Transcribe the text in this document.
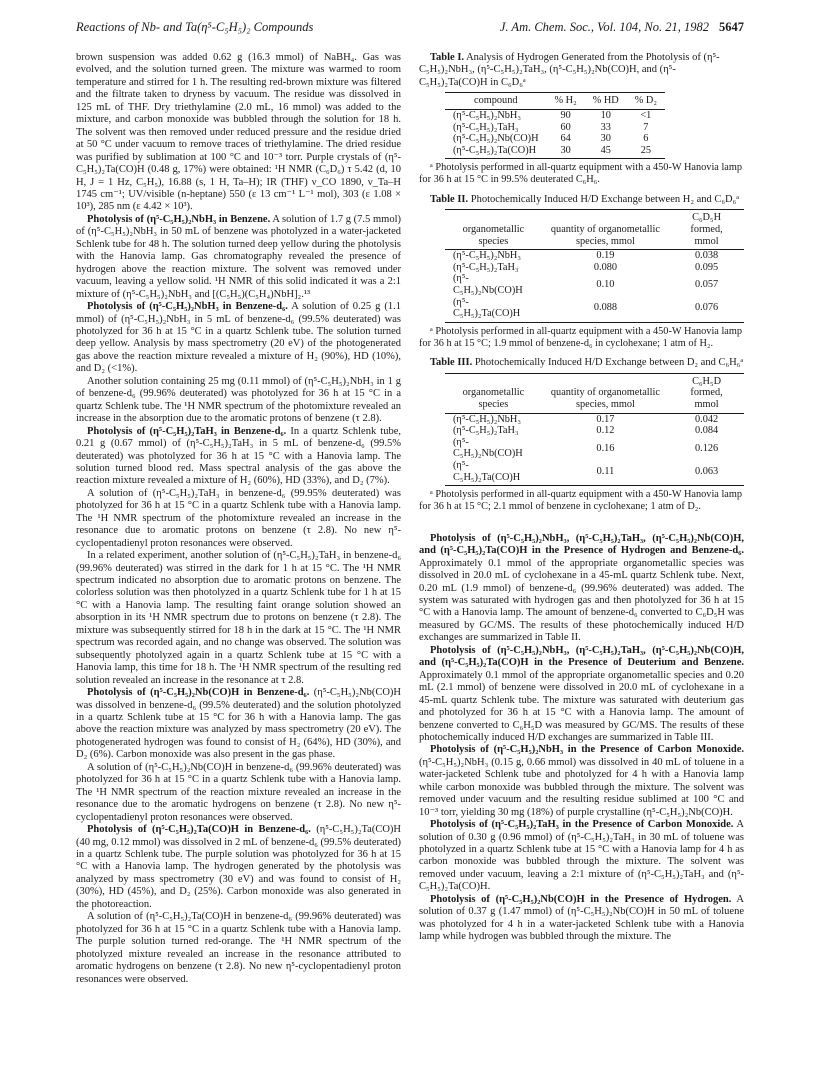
Reactions of Nb- and Ta(η⁵-C₅H₅)₂ Compounds	J. Am. Chem. Soc., Vol. 104, No. 21, 1982 5647

brown suspension was added 0.62 g (16.3 mmol) of NaBH₄. Gas was evolved, and the solution turned green. The mixture was warmed to room temperature and stirred for 1 h. The resulting red-brown mixture was filtered and the filtrate taken to dryness by vacuum. The residue was dissolved in 125 mL of THF. Dry triethylamine (2.0 mL, 16 mmol) was added to the mixture, and carbon monoxide was bubbled through the solution for 18 h. The solvent was then removed under reduced pressure and the residue dried at 50 °C under vacuum to remove traces of triethylamine. The dried residue was purified by sublimation at 100 °C and 10⁻³ torr. Purple crystals of (η⁵-C₅H₅)₂Ta(CO)H (0.48 g, 17%) were obtained: ¹H NMR (C₆D₆) τ 5.42 (d, 10 H, J = 1 Hz, C₅H₅), 16.88 (s, 1 H, Ta–H); IR (THF) ν_CO 1890, ν_Ta–H 1745 cm⁻¹; UV/visible (n-heptane) 550 (ε 13 cm⁻¹ L⁻¹ mol), 303 (ε 1.08 × 10³), 285 nm (ε 4.42 × 10³).

Photolysis of (η⁵-C₅H₅)₂NbH₃ in Benzene. A solution of 1.7 g (7.5 mmol) of (η⁵-C₅H₅)₂NbH₃ in 50 mL of benzene was photolyzed in a water-jacketed Schlenk tube for 48 h. The solution turned deep yellow during the photolysis with the Hanovia lamp. Gas chromatography revealed the presence of hydrogen above the reaction mixture. The solvent was removed under vacuum, leaving a yellow solid. ¹H NMR of this solid indicated it was a 2:1 mixture of (η⁵-C₅H₅)₂NbH₃ and [(C₅H₅)(C₅H₄)NbH]₂.¹³

Photolysis of (η⁵-C₅H₅)₂NbH₃ in Benzene-d₆. A solution of 0.25 g (1.1 mmol) of (η⁵-C₅H₅)₂NbH₃ in 5 mL of benzene-d₆ (99.5% deuterated) was photolyzed for 36 h at 15 °C in a quartz Schlenk tube. The solution turned deep yellow. Analysis by mass spectrometry (20 eV) of the photogenerated gas above the reaction mixture revealed a mixture of H₂ (90%), HD (10%), and D₂ (<1%).

Another solution containing 25 mg (0.11 mmol) of (η⁵-C₅H₅)₂NbH₃ in 1 g of benzene-d₆ (99.96% deuterated) was photolyzed for 36 h at 15 °C in a quartz Schlenk tube. The ¹H NMR spectrum of the photomixture revealed an increase in the absorption due to the aromatic protons of benzene (τ 2.8).

Photolysis of (η⁵-C₅H₅)₂TaH₃ in Benzene-d₆. In a quartz Schlenk tube, 0.21 g (0.67 mmol) of (η⁵-C₅H₅)₂TaH₃ in 5 mL of benzene-d₆ (99.5% deuterated) was photolyzed for 36 h at 15 °C with a Hanovia lamp. The solution turned blood red. Mass spectral analysis of the gas above the reaction mixture revealed a mixture of H₂ (60%), HD (33%), and D₂ (7%).

A solution of (η⁵-C₅H₅)₂TaH₃ in benzene-d₆ (99.95% deuterated) was photolyzed for 36 h at 15 °C in a quartz Schlenk tube with a Hanovia lamp. The ¹H NMR spectrum of the photomixture revealed an increase in the resonance due to aromatic protons on benzene (τ 2.8). No new η⁵-cyclopentadienyl proton resonances were observed.

In a related experiment, another solution of (η⁵-C₅H₅)₂TaH₃ in benzene-d₆ (99.96% deuterated) was stirred in the dark for 1 h at 15 °C. The ¹H NMR spectrum indicated no absorption due to aromatic protons on benzene. The colorless solution was then photolyzed in a quartz Schlenk tube for 1 h at 15 °C with a Hanovia lamp. The resulting faint orange solution showed an absorption in its ¹H NMR spectrum due to protons on benzene (τ 2.8). The mixture was subsequently stirred for 18 h in the dark at 15 °C. The ¹H NMR spectrum was recorded again, and no change was observed. The solution was subsequently photolyzed again in a quartz Schlenk tube at 15 °C with a Hanovia lamp, this time for 18 h. The ¹H NMR spectrum of the resulting red solution revealed an increase in the resonance at τ 2.8.

Photolysis of (η⁵-C₅H₅)₂Nb(CO)H in Benzene-d₆. (η⁵-C₅H₅)₂Nb(CO)H was dissolved in benzene-d₆ (99.5% deuterated) and the solution photolyzed in a quartz Schlenk tube at 15 °C for 36 h with a Hanovia lamp. The gas above the reaction mixture was analyzed by mass spectrometry (20 eV). The photogenerated hydrogen was found to consist of H₂ (64%), HD (30%), and D₂ (6%). Carbon monoxide was also present in the gas phase.

A solution of (η⁵-C₅H₅)₂Nb(CO)H in benzene-d₆ (99.96% deuterated) was photolyzed for 36 h at 15 °C in a quartz Schlenk tube with a Hanovia lamp. The ¹H NMR spectrum of the reaction mixture revealed an increase in the resonance due to the aromatic hydrogens on benzene (τ 2.8). No new η⁵-cyclopentadienyl proton resonances were observed.

Photolysis of (η⁵-C₅H₅)₂Ta(CO)H in Benzene-d₆. (η⁵-C₅H₅)₂Ta(CO)H (40 mg, 0.12 mmol) was dissolved in 2 mL of benzene-d₆ (99.5% deuterated) in a quartz Schlenk tube. The purple solution was photolyzed for 36 h at 15 °C with a Hanovia lamp. The hydrogen generated by the photolysis was analyzed by mass spectrometry (30 eV) and was found to consist of H₂ (30%), HD (45%), and D₂ (25%). Carbon monoxide was also generated in the photoreaction.

A solution of (η⁵-C₅H₅)₂Ta(CO)H in benzene-d₆ (99.96% deuterated) was photolyzed for 36 h at 15 °C in a quartz Schlenk tube with a Hanovia lamp. The purple solution turned red-orange. The ¹H NMR spectrum of the photolyzed mixture revealed an increase in the resonance attributed to aromatic hydrogens on benzene (τ 2.8). No new η⁵-cyclopentadienyl proton resonances were observed.

Table I. Analysis of Hydrogen Generated from the Photolysis of (η⁵-C₅H₅)₂NbH₃, (η⁵-C₅H₅)₂TaH₃, (η⁵-C₅H₅)₂Nb(CO)H, and (η⁵-C₅H₅)₂Ta(CO)H in C₆D₆ᵃ

compound	% H₂	% HD	% D₂
(η⁵-C₅H₅)₂NbH₃	90	10	<1
(η⁵-C₅H₅)₂TaH₃	60	33	7
(η⁵-C₅H₅)₂Nb(CO)H	64	30	6
(η⁵-C₅H₅)₂Ta(CO)H	30	45	25

ᵃ Photolysis performed in all-quartz equipment with a 450-W Hanovia lamp for 36 h at 15 °C in 99.5% deuterated C₆H₆.

Table II. Photochemically Induced H/D Exchange between H₂ and C₆D₆ᵃ

organometallic species	quantity of organometallic species, mmol	C₆D₅H formed, mmol
(η⁵-C₅H₅)₂NbH₃	0.19	0.038
(η⁵-C₅H₅)₂TaH₃	0.080	0.095
(η⁵-C₅H₅)₂Nb(CO)H	0.10	0.057
(η⁵-C₅H₅)₂Ta(CO)H	0.088	0.076

ᵃ Photolysis performed in all-quartz equipment with a 450-W Hanovia lamp for 36 h at 15 °C; 1.9 mmol of benzene-d₆ in cyclohexane; 1 atm of H₂.

Table III. Photochemically Induced H/D Exchange between D₂ and C₆H₆ᵃ

organometallic species	quantity of organometallic species, mmol	C₆H₅D formed, mmol
(η⁵-C₅H₅)₂NbH₃	0.17	0.042
(η⁵-C₅H₅)₂TaH₃	0.12	0.084
(η⁵-C₅H₅)₂Nb(CO)H	0.16	0.126
(η⁵-C₅H₅)₂Ta(CO)H	0.11	0.063

ᵃ Photolysis performed in all-quartz equipment with a 450-W Hanovia lamp for 36 h at 15 °C; 2.1 mmol of benzene in cyclohexane; 1 atm of D₂.

Photolysis of (η⁵-C₅H₅)₂NbH₃, (η⁵-C₅H₅)₂TaH₃, (η⁵-C₅H₅)₂Nb(CO)H, and (η⁵-C₅H₅)₂Ta(CO)H in the Presence of Hydrogen and Benzene-d₆. Approximately 0.1 mmol of the appropriate organometallic species was dissolved in 20.0 mL of cyclohexane in a 45-mL quartz Schlenk tube. Next, 0.20 mL (1.9 mmol) of benzene-d₆ (99.96% deuterated) was added. The system was saturated with hydrogen gas and then photolyzed for 36 h at 15 °C with a Hanovia lamp. The amount of benzene-d₆ converted to C₆D₅H was measured by GC/MS. The results of these photochemically induced H/D exchanges are summarized in Table II.

Photolysis of (η⁵-C₅H₅)₂NbH₃, (η⁵-C₅H₅)₂TaH₃, (η⁵-C₅H₅)₂Nb(CO)H, and (η⁵-C₅H₅)₂Ta(CO)H in the Presence of Deuterium and Benzene. Approximately 0.1 mmol of the appropriate organometallic species and 0.20 mL (2.1 mmol) of benzene were dissolved in 20.0 mL of cyclohexane in a 45-mL quartz Schlenk tube. The mixture was saturated with deuterium gas and photolyzed for 36 h at 15 °C with a Hanovia lamp. The amount of benzene converted to C₆H₅D was measured by GC/MS. The results of these photochemically induced H/D exchanges are summarized in Table III.

Photolysis of (η⁵-C₅H₅)₂NbH₃ in the Presence of Carbon Monoxide. (η⁵-C₅H₅)₂NbH₃ (0.15 g, 0.66 mmol) was dissolved in 40 mL of toluene in a water-jacketed Schlenk tube and photolyzed for 4 h with a Hanovia lamp while carbon monoxide was bubbled through the mixture. The solvent was removed under vacuum and the resulting residue sublimed at 100 °C and 10⁻³ torr, yielding 30 mg (18%) of purple crystalline (η⁵-C₅H₅)₂Nb(CO)H.

Photolysis of (η⁵-C₅H₅)₂TaH₃ in the Presence of Carbon Monoxide. A solution of 0.30 g (0.96 mmol) of (η⁵-C₅H₅)₂TaH₃ in 30 mL of toluene was photolyzed in a quartz Schlenk tube at 15 °C with a Hanovia lamp for 4 h as carbon monoxide was bubbled through the mixture. The solvent was removed under vacuum, leaving a 2:1 mixture of (η⁵-C₅H₅)₂TaH₃ and (η⁵-C₅H₅)₂Ta(CO)H.

Photolysis of (η⁵-C₅H₅)₂Nb(CO)H in the Presence of Hydrogen. A solution of 0.37 g (1.47 mmol) of (η⁵-C₅H₅)₂Nb(CO)H in 50 mL of toluene was photolyzed for 4 h in a water-jacketed Schlenk tube with a Hanovia lamp while hydrogen was bubbled through the mixture. The
